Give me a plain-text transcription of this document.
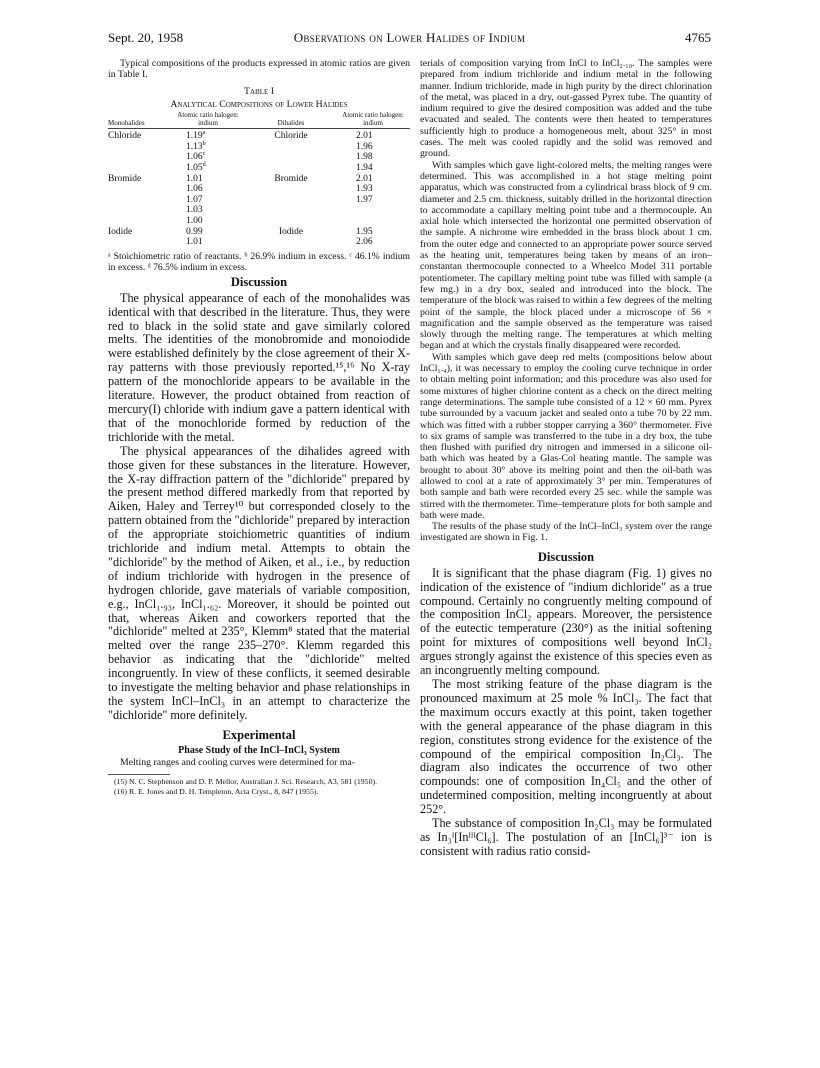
Sept. 20, 1958	Observations on Lower Halides of Indium	4765

Typical compositions of the products expressed in atomic ratios are given in Table I.

Table I
Analytical Compositions of Lower Halides
Monohalides	Atomic ratio halogen: indium	Dihalides	Atomic ratio halogen: indium
Chloride	1.19$^a$	Chloride	2.01
	1.13$^b$		1.96
	1.06$^c$		1.98
	1.05$^d$		1.94
Bromide	1.01	Bromide	2.01
	1.06		1.93
	1.07		1.97
	1.03		
	1.00		
Iodide	0.99	Iodide	1.95
	1.01		2.06

ᵃ Stoichiometric ratio of reactants. ᵇ 26.9% indium in excess. ᶜ 46.1% indium in excess. ᵈ 76.5% indium in excess.

Discussion

The physical appearance of each of the monohalides was identical with that described in the literature. Thus, they were red to black in the solid state and gave similarly colored melts. The identities of the monobromide and monoiodide were established definitely by the close agreement of their X-ray patterns with those previously reported.¹⁵,¹⁶ No X-ray pattern of the monochloride appears to be available in the literature. However, the product obtained from reaction of mercury(I) chloride with indium gave a pattern identical with that of the monochloride formed by reduction of the trichloride with the metal.

The physical appearances of the dihalides agreed with those given for these substances in the literature. However, the X-ray diffraction pattern of the "dichloride" prepared by the present method differed markedly from that reported by Aiken, Haley and Terrey¹⁰ but corresponded closely to the pattern obtained from the "dichloride" prepared by interaction of the appropriate stoichiometric quantities of indium trichloride and indium metal. Attempts to obtain the "dichloride" by the method of Aiken, et al., i.e., by reduction of indium trichloride with hydrogen in the presence of hydrogen chloride, gave materials of variable composition, e.g., InCl₁.₉₃, InCl₁.₆₂. Moreover, it should be pointed out that, whereas Aiken and coworkers reported that the "dichloride" melted at 235°, Klemm⁸ stated that the material melted over the range 235–270°. Klemm regarded this behavior as indicating that the "dichloride" melted incongruently. In view of these conflicts, it seemed desirable to investigate the melting behavior and phase relationships in the system InCl–InCl₃ in an attempt to characterize the "dichloride" more definitely.

Experimental
Phase Study of the InCl–InCl₃ System

Melting ranges and cooling curves were determined for ma-

(15) N. C. Stephenson and D. P. Mellor, Australian J. Sci. Research, A3, 581 (1950).

(16) R. E. Jones and D. H. Templeton, Acta Cryst., 8, 847 (1955).

terials of composition varying from InCl to InCl₂.₁₀. The samples were prepared from indium trichloride and indium metal in the following manner. Indium trichloride, made in high purity by the direct chlorination of the metal, was placed in a dry, out-gassed Pyrex tube. The quantity of indium required to give the desired composition was added and the tube evacuated and sealed. The contents were then heated to temperatures sufficiently high to produce a homogeneous melt, about 325° in most cases. The melt was cooled rapidly and the solid was removed and ground.

With samples which gave light-colored melts, the melting ranges were determined. This was accomplished in a hot stage melting point apparatus, which was constructed from a cylindrical brass block of 9 cm. diameter and 2.5 cm. thickness, suitably drilled in the horizontal direction to accommodate a capillary melting point tube and a thermocouple. An axial hole which intersected the horizontal one permitted observation of the sample. A nichrome wire embedded in the brass block about 1 cm. from the outer edge and connected to an appropriate power source served as the heating unit, temperatures being taken by means of an iron–constantan thermocouple connected to a Wheelco Model 311 portable potentiometer. The capillary melting point tube was filled with sample (a few mg.) in a dry box, sealed and introduced into the block. The temperature of the block was raised to within a few degrees of the melting point of the sample, the block placed under a microscope of 56 × magnification and the sample observed as the temperature was raised slowly through the melting range. The temperatures at which melting began and at which the crystals finally disappeared were recorded.

With samples which gave deep red melts (compositions below about InCl₁.₄), it was necessary to employ the cooling curve technique in order to obtain melting point information; and this procedure was also used for some mixtures of higher chlorine content as a check on the direct melting range determinations. The sample tube consisted of a 12 × 60 mm. Pyrex tube surrounded by a vacuum jacket and sealed onto a tube 70 by 22 mm. which was fitted with a rubber stopper carrying a 360° thermometer. Five to six grams of sample was transferred to the tube in a dry box, the tube then flushed with purified dry nitrogen and immersed in a silicone oil-bath which was heated by a Glas-Col heating mantle. The sample was brought to about 30° above its melting point and then the oil-bath was allowed to cool at a rate of approximately 3° per min. Temperatures of both sample and bath were recorded every 25 sec. while the sample was stirred with the thermometer. Time–temperature plots for both sample and bath were made.

The results of the phase study of the InCl–InCl₃ system over the range investigated are shown in Fig. 1.

Discussion

It is significant that the phase diagram (Fig. 1) gives no indication of the existence of "indium dichloride" as a true compound. Certainly no congruently melting compound of the composition InCl₂ appears. Moreover, the persistence of the eutectic temperature (230°) as the initial softening point for mixtures of compositions well beyond InCl₂ argues strongly against the existence of this species even as an incongruently melting compound.

The most striking feature of the phase diagram is the pronounced maximum at 25 mole % InCl₃. The fact that the maximum occurs exactly at this point, taken together with the general appearance of the phase diagram in this region, constitutes strong evidence for the existence of the compound of the empirical composition In₂Cl₃. The diagram also indicates the occurrence of two other compounds: one of composition In₄Cl₅ and the other of undetermined composition, melting incongruently at about 252°.

The substance of composition In₂Cl₃ may be formulated as In₃ᴵ[InᴵᴵᴵCl₆]. The postulation of an [InCl₆]³⁻ ion is consistent with radius ratio consid-
